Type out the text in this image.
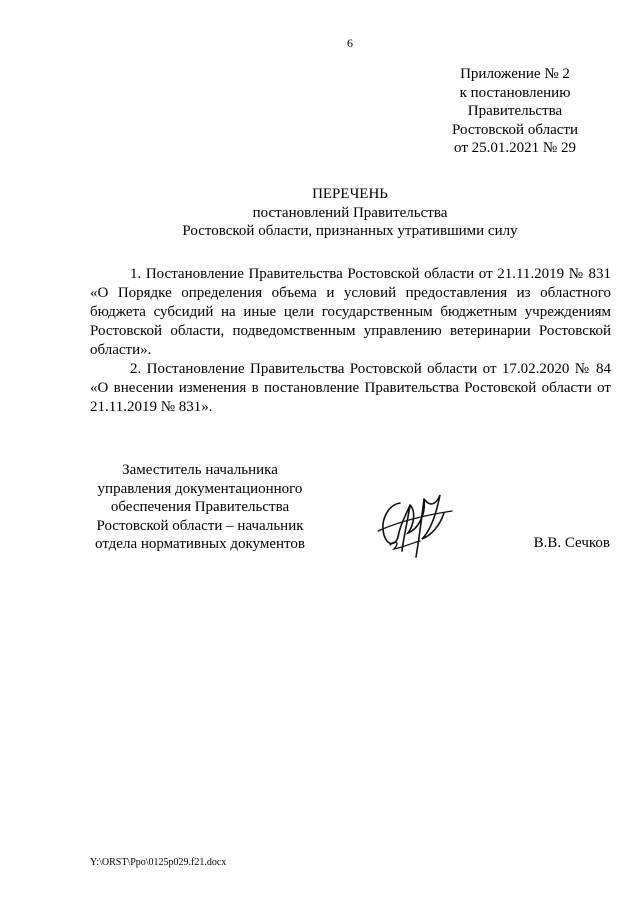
6
Приложение № 2
к постановлению
Правительства
Ростовской области
от 25.01.2021 № 29
ПЕРЕЧЕНЬ
постановлений Правительства
Ростовской области, признанных утратившими силу

1. Постановление Правительства Ростовской области от 21.11.2019 № 831 «О Порядке определения объема и условий предоставления из областного бюджета субсидий на иные цели государственным бюджетным учреждениям Ростовской области, подведомственным управлению ветеринарии Ростовской области».

2. Постановление Правительства Ростовской области от 17.02.2020 № 84 «О внесении изменения в постановление Правительства Ростовской области от 21.11.2019 № 831».

Заместитель начальника
управления документационного
обеспечения Правительства
Ростовской области – начальник
отдела нормативных документов	В.В. Сечков
Y:\ORST\Ppo\0125p029.f21.docx
